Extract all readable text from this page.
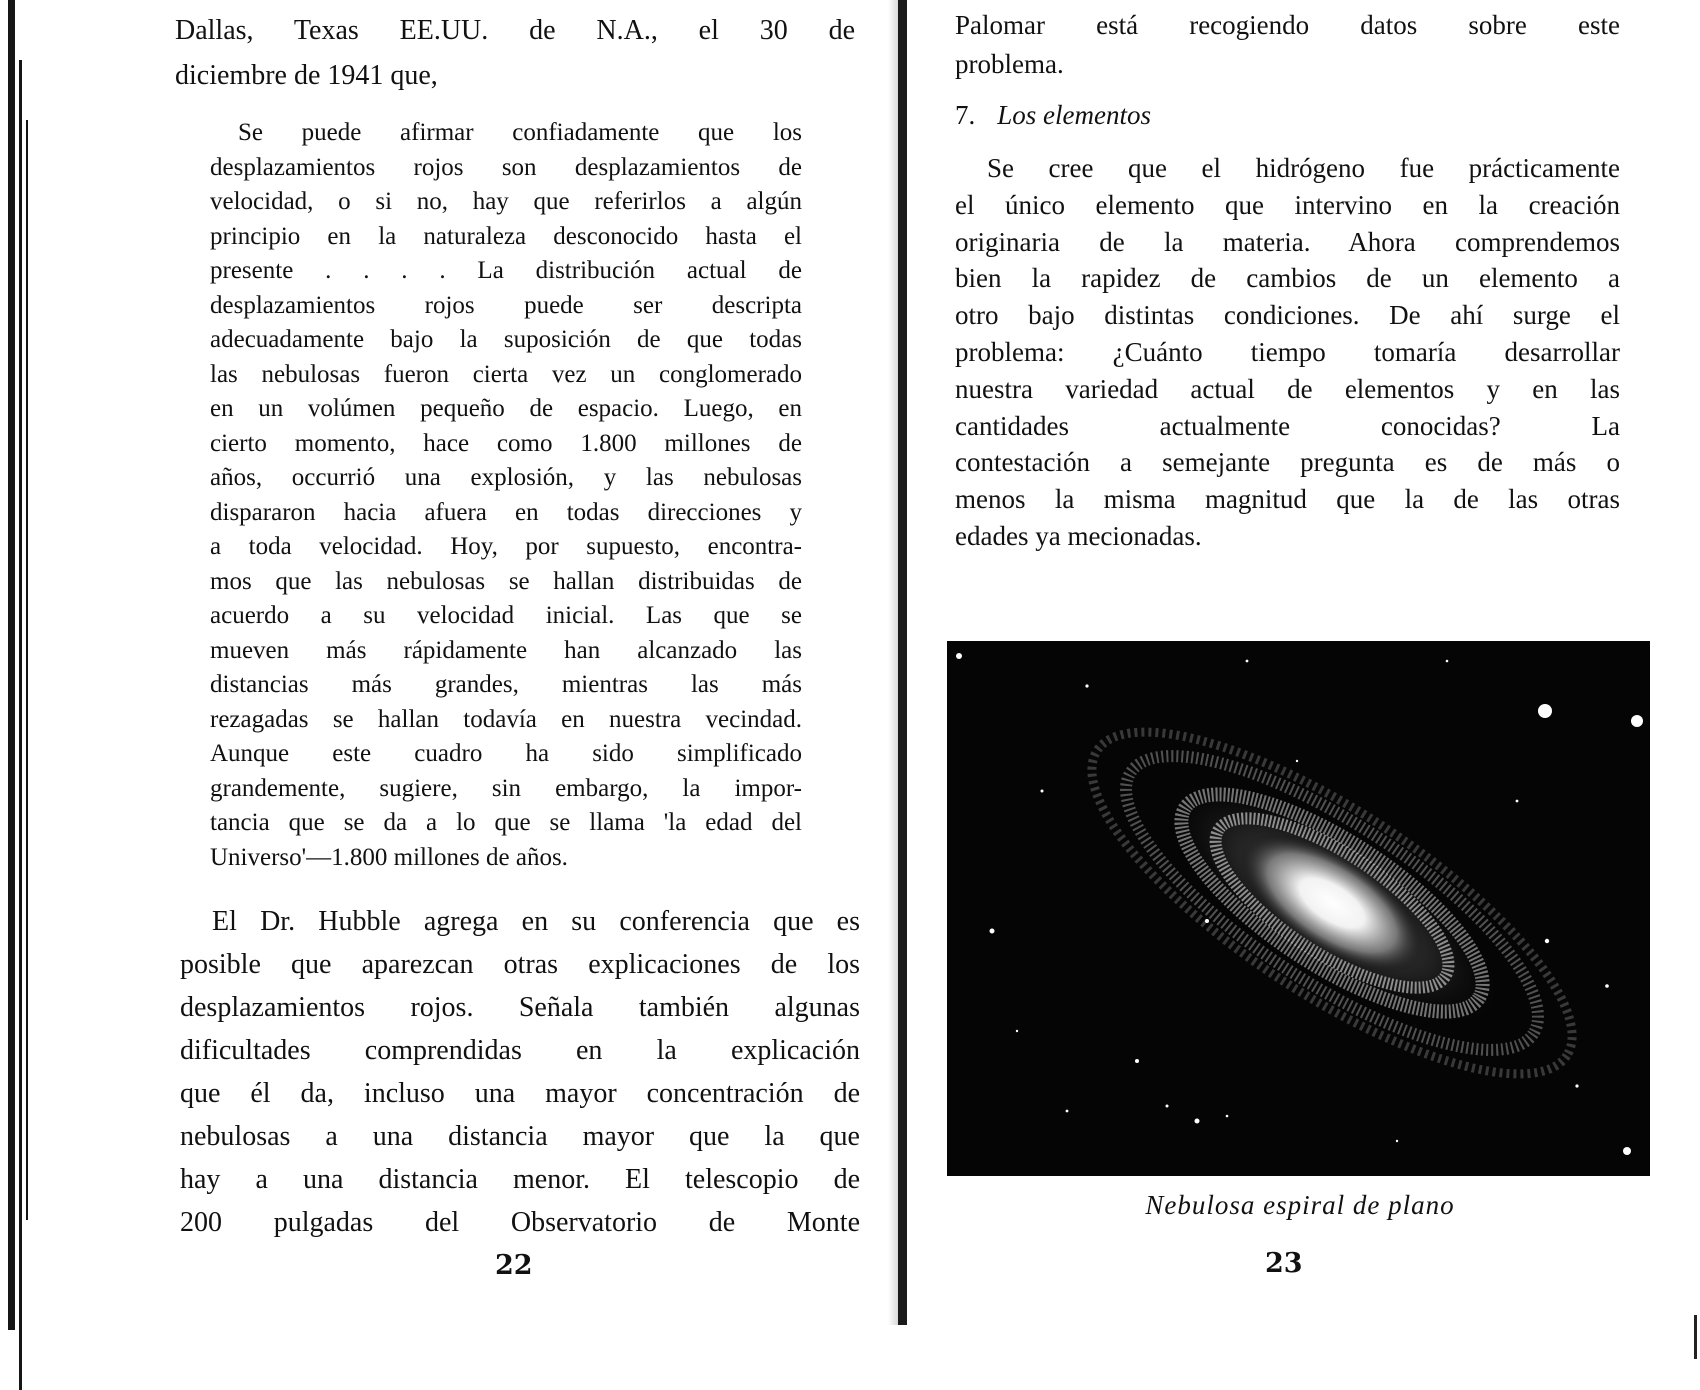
Dallas, Texas EE.UU. de N.A., el 30 de

diciembre de 1941 que,

Se puede afirmar confiadamente que los

desplazamientos rojos son desplazamientos de

velocidad, o si no, hay que referirlos a algún

principio en la naturaleza desconocido hasta el

presente . . . . La distribución actual de

desplazamientos rojos puede ser descripta

adecuadamente bajo la suposición de que todas

las nebulosas fueron cierta vez un conglomerado

en un volúmen pequeño de espacio. Luego, en

cierto momento, hace como 1.800 millones de

años, occurrió una explosión, y las nebulosas

dispararon hacia afuera en todas direcciones y

a toda velocidad. Hoy, por supuesto, encontra-

mos que las nebulosas se hallan distribuidas de

acuerdo a su velocidad inicial. Las que se

mueven más rápidamente han alcanzado las

distancias más grandes, mientras las más

rezagadas se hallan todavía en nuestra vecindad.

Aunque este cuadro ha sido simplificado

grandemente, sugiere, sin embargo, la impor-

tancia que se da a lo que se llama 'la edad del

Universo'—1.800 millones de años.

El Dr. Hubble agrega en su conferencia que es

posible que aparezcan otras explicaciones de los

desplazamientos rojos. Señala también algunas

dificultades comprendidas en la explicación

que él da, incluso una mayor concentración de

nebulosas a una distancia mayor que la que

hay a una distancia menor. El telescopio de

200 pulgadas del Observatorio de Monte

22

Palomar está recogiendo datos sobre este

problema.

7. Los elementos

Se cree que el hidrógeno fue prácticamente

el único elemento que intervino en la creación

originaria de la materia. Ahora comprendemos

bien la rapidez de cambios de un elemento a

otro bajo distintas condiciones. De ahí surge el

problema: ¿Cuánto tiempo tomaría desarrollar

nuestra variedad actual de elementos y en las

cantidades actualmente conocidas? La

contestación a semejante pregunta es de más o

menos la misma magnitud que la de las otras

edades ya mecionadas.

Nebulosa espiral de plano
23
